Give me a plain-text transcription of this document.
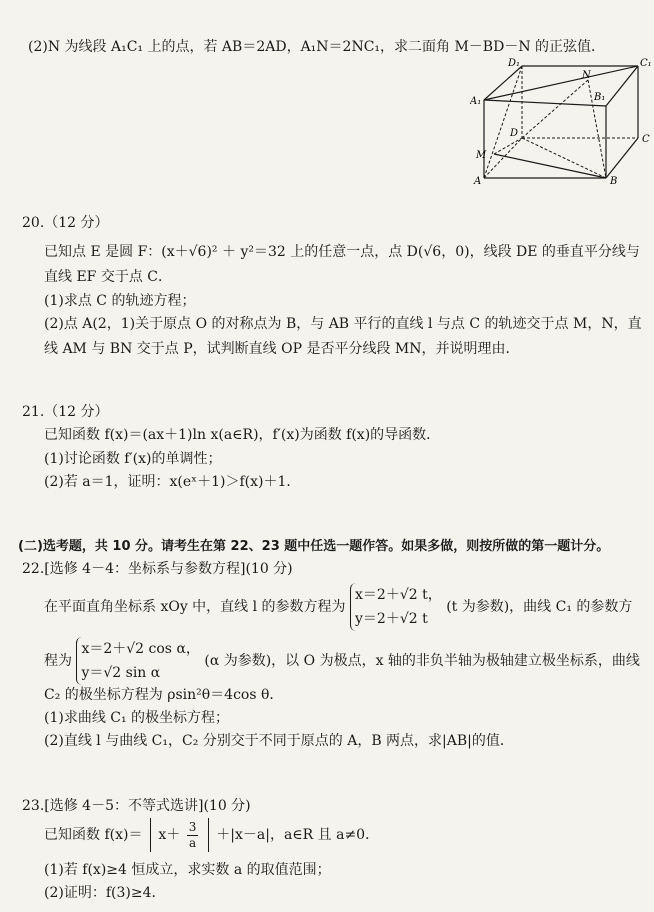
(2)N 为线段 A₁C₁ 上的点，若 AB＝2AD，A₁N＝2NC₁，求二面角 M－BD－N 的正弦值．
D₁	C₁
A₁	B₁
N
D
C
M
A	B
20.（12 分）
已知点 E 是圆 F：(x＋√6)² ＋ y²＝32 上的任意一点，点 D(√6，0)，线段 DE 的垂直平分线与
直线 EF 交于点 C．
(1)求点 C 的轨迹方程；
(2)点 A(2，1)关于原点 O 的对称点为 B，与 AB 平行的直线 l 与点 C 的轨迹交于点 M，N，直
线 AM 与 BN 交于点 P，试判断直线 OP 是否平分线段 MN，并说明理由．
21.（12 分）
已知函数 f(x)＝(ax＋1)ln x(a∈R)，f′(x)为函数 f(x)的导函数．
(1)讨论函数 f′(x)的单调性；
(2)若 a＝1，证明：x(eˣ＋1)＞f(x)＋1．
(二)选考题，共 10 分。请考生在第 22、23 题中任选一题作答。如果多做，则按所做的第一题计分。
22.[选修 4－4：坐标系与参数方程](10 分)
在平面直角坐标系 xOy 中，直线 l 的参数方程为
x＝2＋√2 t，
y＝2＋√2 t
(t 为参数)，曲线 C₁ 的参数方
程为
x＝2＋√2 cos α，
y＝√2 sin α
(α 为参数)，以 O 为极点，x 轴的非负半轴为极轴建立极坐标系，曲线
C₂ 的极坐标方程为 ρsin²θ＝4cos θ．
(1)求曲线 C₁ 的极坐标方程；
(2)直线 l 与曲线 C₁，C₂ 分别交于不同于原点的 A，B 两点，求|AB|的值．
23.[选修 4－5：不等式选讲](10 分)
已知函数 $f(x)= x+ \frac{3}{a} +|x-a|$，a∈R 且 a≠0．
(1)若 f(x)≥4 恒成立，求实数 a 的取值范围；
(2)证明：f(3)≥4．
